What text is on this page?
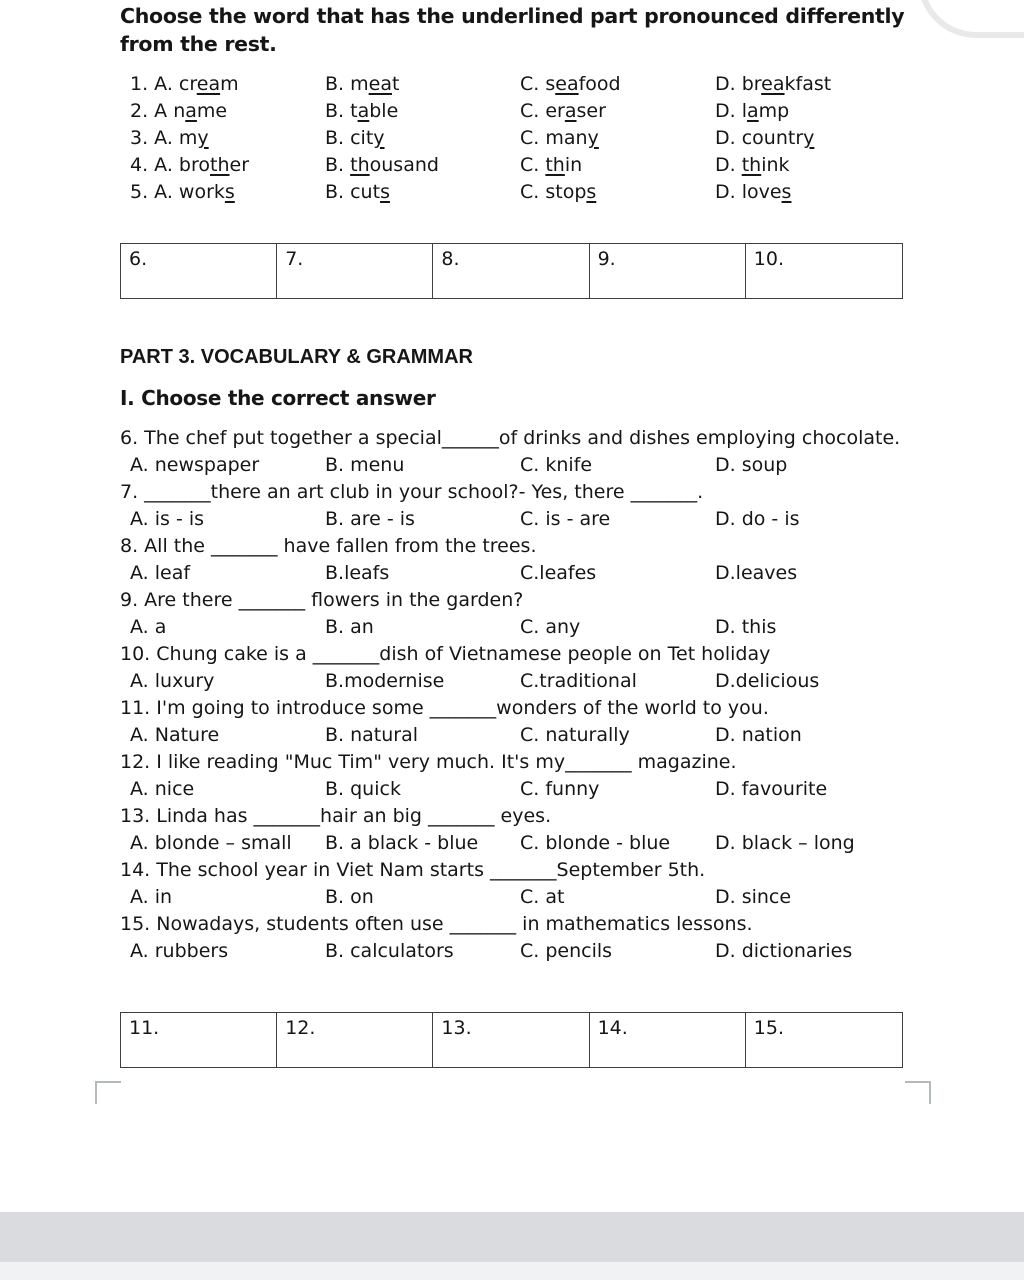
Choose the word that has the underlined part pronounced differently from the rest.
1. A. cream	B. meat	C. seafood	D. breakfast
2. A name	B. table	C. eraser	D. lamp
3. A. my	B. city	C. many	D. country
4. A. brother	B. thousand	C. thin	D. think
5. A. works	B. cuts	C. stops	D. loves
6.	7.	8.	9.	10.
PART 3. VOCABULARY & GRAMMAR
I. Choose the correct answer
6. The chef put together a special______of drinks and dishes employing chocolate.
A. newspaper	B. menu	C. knife	D. soup
7. _______there an art club in your school?- Yes, there _______.
A. is - is	B. are - is	C. is - are	D. do - is
8. All the _______ have fallen from the trees.
A. leaf	B.leafs	C.leafes	D.leaves
9. Are there _______ flowers in the garden?
A. a	B. an	C. any	D. this
10. Chung cake is a _______dish of Vietnamese people on Tet holiday
A. luxury	B.modernise	C.traditional	D.delicious
11. I'm going to introduce some _______wonders of the world to you.
A. Nature	B. natural	C. naturally	D. nation
12. I like reading "Muc Tim" very much. It's my_______ magazine.
A. nice	B. quick	C. funny	D. favourite
13. Linda has _______hair an big _______ eyes.
A. blonde – small	B. a black - blue	C. blonde - blue	D. black – long
14. The school year in Viet Nam starts _______September 5th.
A. in	B. on	C. at	D. since
15. Nowadays, students often use _______ in mathematics lessons.
A. rubbers	B. calculators	C. pencils	D. dictionaries
11.	12.	13.	14.	15.
